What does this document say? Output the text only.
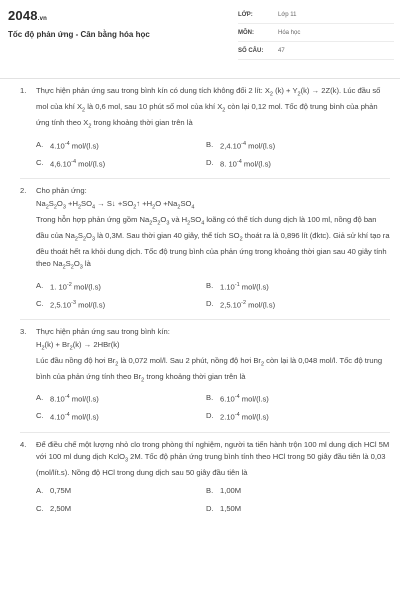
2048.vn
Tốc độ phản ứng - Cân bằng hóa học
LỚP:	Lớp 11
MÔN:	Hóa học
SỐ CÂU:	47
1.	Thực hiện phản ứng sau trong bình kín có dung tích không đổi 2 lít: $X_2$ $(k) + Y_2(k) \to 2Z(k)$. Lúc đầu số mol của khí $X_2$ là 0,6 mol, sau 10 phút số mol của khí $X_2$ còn lại 0,12 mol. Tốc độ trung bình của phản ứng tính theo $X_2$ trong khoảng thời gian trên là
A. $4.10^{-4}$ mol/(l.s)	B. $2,4.10^{-4}$ mol/(l.s)
C. $4,6.10^{-4}$ mol/(l.s)	D. 8. $10^{-4}$ mol/(l.s)
2.	Cho phản ứng:
$Na_2S_2O_3 +H_2SO_4$ → S↓ $+SO_2↑ +H_2O +Na_2SO_4$
Trong hỗn hợp phản ứng gồm $Na_2S_2O_3$ và $H_2SO_4$ loãng có thể tích dung dịch là 100 ml, nồng độ ban đầu của $Na_2S_2O_3$ là 0,3M. Sau thời gian 40 giây, thể tích $SO_2$ thoát ra là 0,896 lít (đktc). Giả sử khí tạo ra đều thoát hết ra khỏi dung dịch. Tốc độ trung bình của phản ứng trong khoảng thời gian sau 40 giây tính theo $Na_2S_2O_3$ là
A. 1. $10^{-2}$ mol/(l.s)	B. $1.10^{-1}$ mol/(l.s)
C. $2,5.10^{-3}$ mol/(l.s)	D. $2,5.10^{-2}$ mol/(l.s)
3.	Thực hiện phản ứng sau trong bình kín:
$H_2(k) + Br_2(k) \to 2HBr(k)$
Lúc đầu nồng độ hơi $Br_2$ là 0,072 mol/l. Sau 2 phút, nồng độ hơi $Br_2$ còn lại là 0,048 mol/l. Tốc độ trung bình của phản ứng tính theo $Br_2$ trong khoảng thời gian trên là
A. $8.10^{-4}$ mol/(l.s)	B. $6.10^{-4}$ mol/(l.s)
C. $4.10^{-4}$ mol/(l.s)	D. $2.10^{-4}$ mol/(l.s)
4.	Để điều chế một lượng nhỏ clo trong phòng thí nghiệm, người ta tiến hành trộn 100 ml dung dịch HCl 5M với 100 ml dung dịch KclO$_3$ 2M. Tốc độ phản ứng trung bình tính theo HCl trong 50 giây đầu tiên là 0,03 (mol/lít.s). Nồng độ HCl trong dung dịch sau 50 giây đầu tiên là
A. 0,75M	B. 1,00M
C. 2,50M	D. 1,50M
